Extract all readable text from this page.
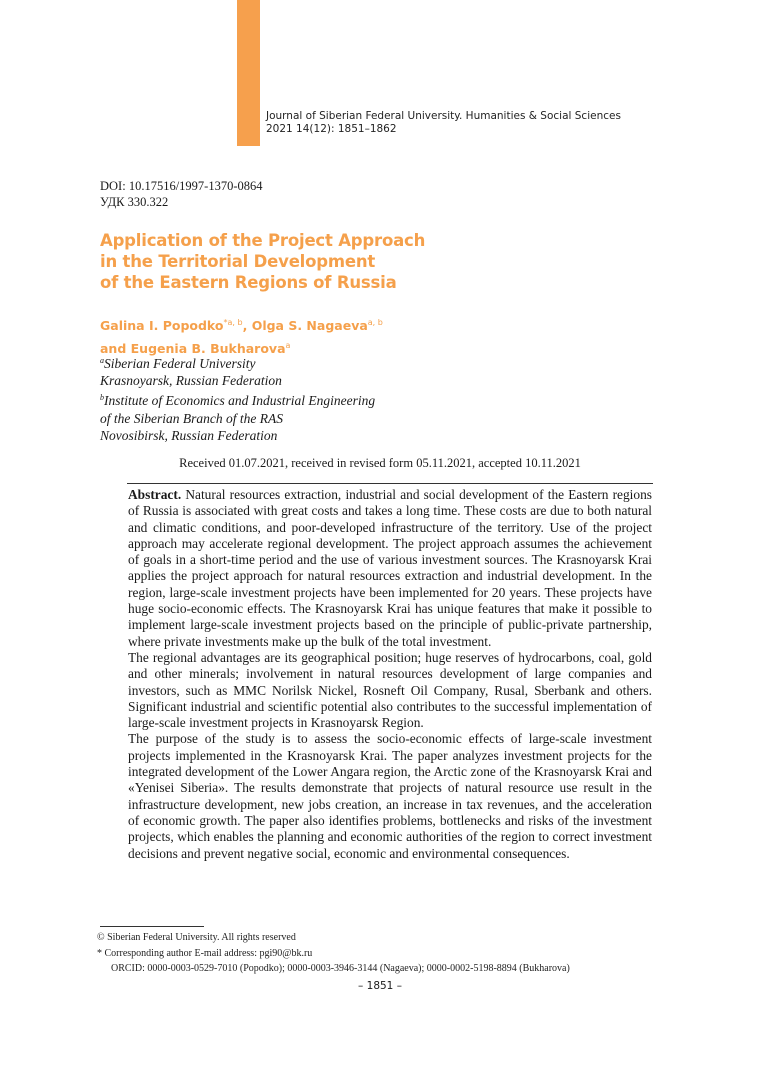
Journal of Siberian Federal University. Humanities & Social Sciences
2021 14(12): 1851–1862
DOI: 10.17516/1997-1370-0864
УДК 330.322
Application of the Project Approach
in the Territorial Development
of the Eastern Regions of Russia
Galina I. Popodko$^{*a, b}$, Olga S. Nagaeva$^{a, b}$
and Eugenia B. Bukharova$^a$
$^a$Siberian Federal University
Krasnoyarsk, Russian Federation
$^b$Institute of Economics and Industrial Engineering
of the Siberian Branch of the RAS
Novosibirsk, Russian Federation
Received 01.07.2021, received in revised form 05.11.2021, accepted 10.11.2021

Abstract. Natural resources extraction, industrial and social development of the Eastern regions of Russia is associated with great costs and takes a long time. These costs are due to both natural and climatic conditions, and poor-developed infrastructure of the territory. Use of the project approach may accelerate regional development. The project approach assumes the achievement of goals in a short-time period and the use of various investment sources. The Krasnoyarsk Krai applies the project approach for natural resources extraction and industrial development. In the region, large-scale investment projects have been implemented for 20 years. These projects have huge socio-economic effects. The Krasnoyarsk Krai has unique features that make it possible to implement large-scale investment projects based on the principle of public-private partnership, where private investments make up the bulk of the total investment.

The regional advantages are its geographical position; huge reserves of hydrocarbons, coal, gold and other minerals; involvement in natural resources development of large companies and investors, such as MMC Norilsk Nickel, Rosneft Oil Company, Rusal, Sberbank and others. Significant industrial and scientific potential also contributes to the successful implementation of large-scale investment projects in Krasnoyarsk Region.

The purpose of the study is to assess the socio-economic effects of large-scale investment projects implemented in the Krasnoyarsk Krai. The paper analyzes investment projects for the integrated development of the Lower Angara region, the Arctic zone of the Krasnoyarsk Krai and «Yenisei Siberia». The results demonstrate that projects of natural resource use result in the infrastructure development, new jobs creation, an increase in tax revenues, and the acceleration of economic growth. The paper also identifies problems, bottlenecks and risks of the investment projects, which enables the planning and economic authorities of the region to correct investment decisions and prevent negative social, economic and environmental consequences.

© Siberian Federal University. All rights reserved
* Corresponding author E-mail address: pgi90@bk.ru
ORCID: 0000-0003-0529-7010 (Popodko); 0000-0003-3946-3144 (Nagaeva); 0000-0002-5198-8894 (Bukharova)
– 1851 –
